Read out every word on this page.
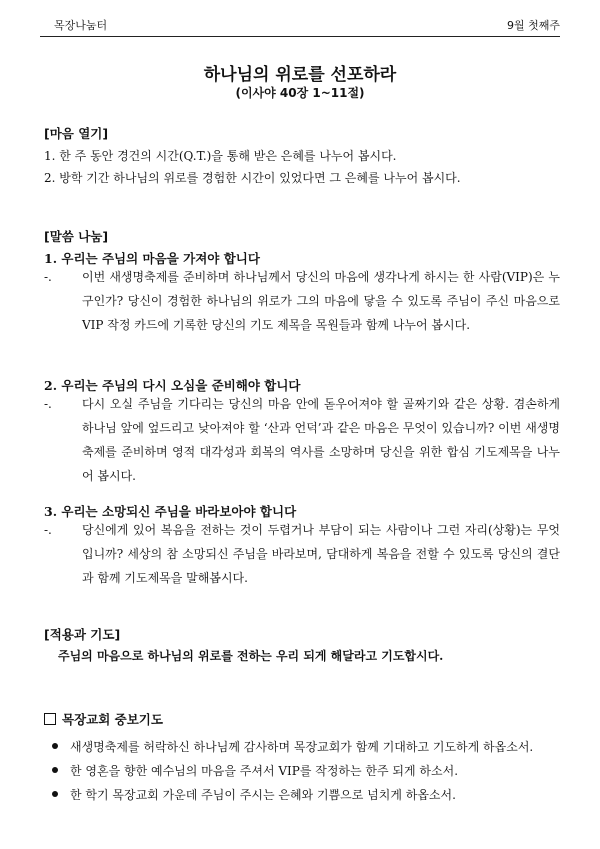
목장나눔터	9월 첫째주
하나님의 위로를 선포하라
(이사야 40장 1~11절)
[마음 열기]
1. 한 주 동안 경건의 시간(Q.T.)을 통해 받은 은혜를 나누어 봅시다.
2. 방학 기간 하나님의 위로를 경험한 시간이 있었다면 그 은혜를 나누어 봅시다.
[말씀 나눔]
1. 우리는 주님의 마음을 가져야 합니다
-.	이번 새생명축제를 준비하며 하나님께서 당신의 마음에 생각나게 하시는 한 사람(VIP)은 누구인가? 당신이 경험한 하나님의 위로가 그의 마음에 닿을 수 있도록 주님이 주신 마음으로 VIP 작정 카드에 기록한 당신의 기도 제목을 목원들과 함께 나누어 봅시다.
2. 우리는 주님의 다시 오심을 준비해야 합니다
-.	다시 오실 주님을 기다리는 당신의 마음 안에 돋우어져야 할 골짜기와 같은 상황. 겸손하게 하나님 앞에 엎드리고 낮아져야 할 ‘산과 언덕’과 같은 마음은 무엇이 있습니까? 이번 새생명축제를 준비하며 영적 대각성과 회복의 역사를 소망하며 당신을 위한 합심 기도제목을 나누어 봅시다.
3. 우리는 소망되신 주님을 바라보아야 합니다
-.	당신에게 있어 복음을 전하는 것이 두렵거나 부담이 되는 사람이나 그런 자리(상황)는 무엇입니까? 세상의 참 소망되신 주님을 바라보며, 담대하게 복음을 전할 수 있도록 당신의 결단과 함께 기도제목을 말해봅시다.
[적용과 기도]
주님의 마음으로 하나님의 위로를 전하는 우리 되게 해달라고 기도합시다.
목장교회 중보기도
새생명축제를 허락하신 하나님께 감사하며 목장교회가 함께 기대하고 기도하게 하옵소서.
한 영혼을 향한 예수님의 마음을 주셔서 VIP를 작정하는 한주 되게 하소서.
한 학기 목장교회 가운데 주님이 주시는 은혜와 기쁨으로 넘치게 하옵소서.
